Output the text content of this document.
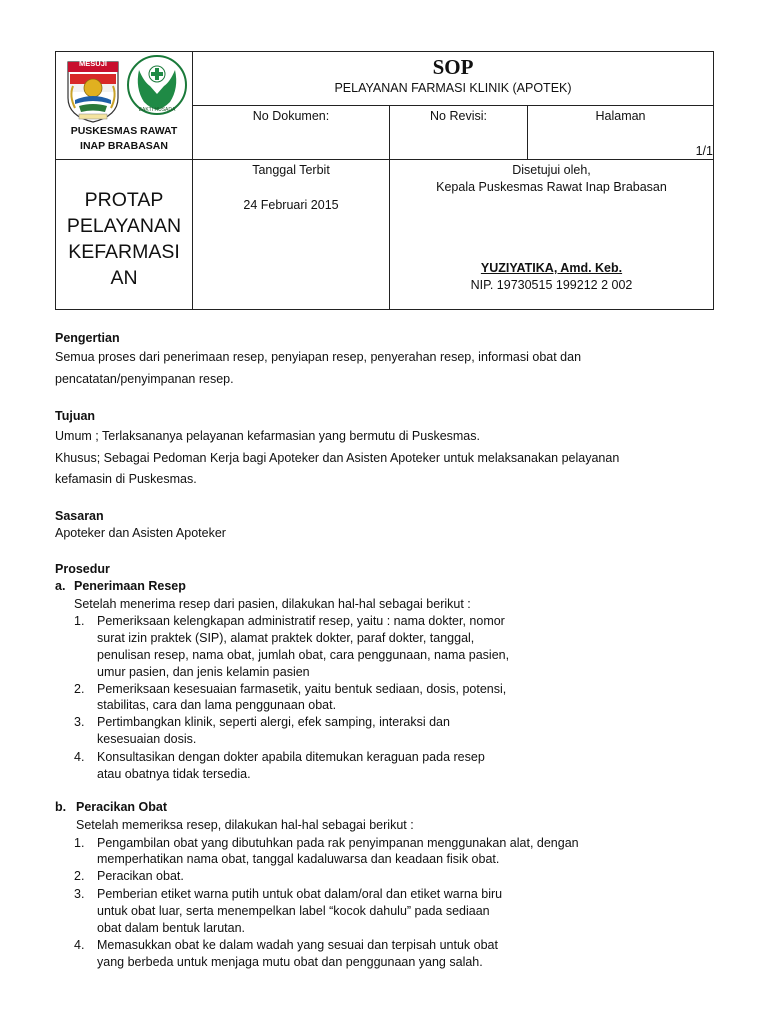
MESUJI
BAKTI HUSADA
PUSKESMAS RAWAT
INAP BRABASAN
SOP
PELAYANAN FARMASI KLINIK (APOTEK)
No Dokumen:	No Revisi:	Halaman
1/1
PROTAP
PELAYANAN
KEFARMASI
AN
Tanggal Terbit
24 Februari 2015
Disetujui oleh,
Kepala Puskesmas Rawat Inap Brabasan
YUZIYATIKA, Amd. Keb.
NIP. 19730515 199212 2 002
Pengertian
Semua proses dari penerimaan resep, penyiapan resep, penyerahan resep, informasi obat dan
pencatatan/penyimpanan resep.
Tujuan
Umum ; Terlaksananya pelayanan kefarmasian yang bermutu di Puskesmas.
Khusus; Sebagai Pedoman Kerja bagi Apoteker dan Asisten Apoteker untuk melaksanakan pelayanan
kefamasin di Puskesmas.
Sasaran
Apoteker dan Asisten Apoteker
Prosedur
a. Penerimaan Resep
Setelah menerima resep dari pasien, dilakukan hal-hal sebagai berikut :
1. Pemeriksaan kelengkapan administratif resep, yaitu : nama dokter, nomor
surat izin praktek (SIP), alamat praktek dokter, paraf dokter, tanggal,
penulisan resep, nama obat, jumlah obat, cara penggunaan, nama pasien,
umur pasien, dan jenis kelamin pasien
2. Pemeriksaan kesesuaian farmasetik, yaitu bentuk sediaan, dosis, potensi,
stabilitas, cara dan lama penggunaan obat.
3. Pertimbangkan klinik, seperti alergi, efek samping, interaksi dan
kesesuaian dosis.
4. Konsultasikan dengan dokter apabila ditemukan keraguan pada resep
atau obatnya tidak tersedia.
b. Peracikan Obat
Setelah memeriksa resep, dilakukan hal-hal sebagai berikut :
1. Pengambilan obat yang dibutuhkan pada rak penyimpanan menggunakan alat, dengan
memperhatikan nama obat, tanggal kadaluwarsa dan keadaan fisik obat.
2. Peracikan obat.
3. Pemberian etiket warna putih untuk obat dalam/oral dan etiket warna biru
untuk obat luar, serta menempelkan label “kocok dahulu” pada sediaan
obat dalam bentuk larutan.
4. Memasukkan obat ke dalam wadah yang sesuai dan terpisah untuk obat
yang berbeda untuk menjaga mutu obat dan penggunaan yang salah.
